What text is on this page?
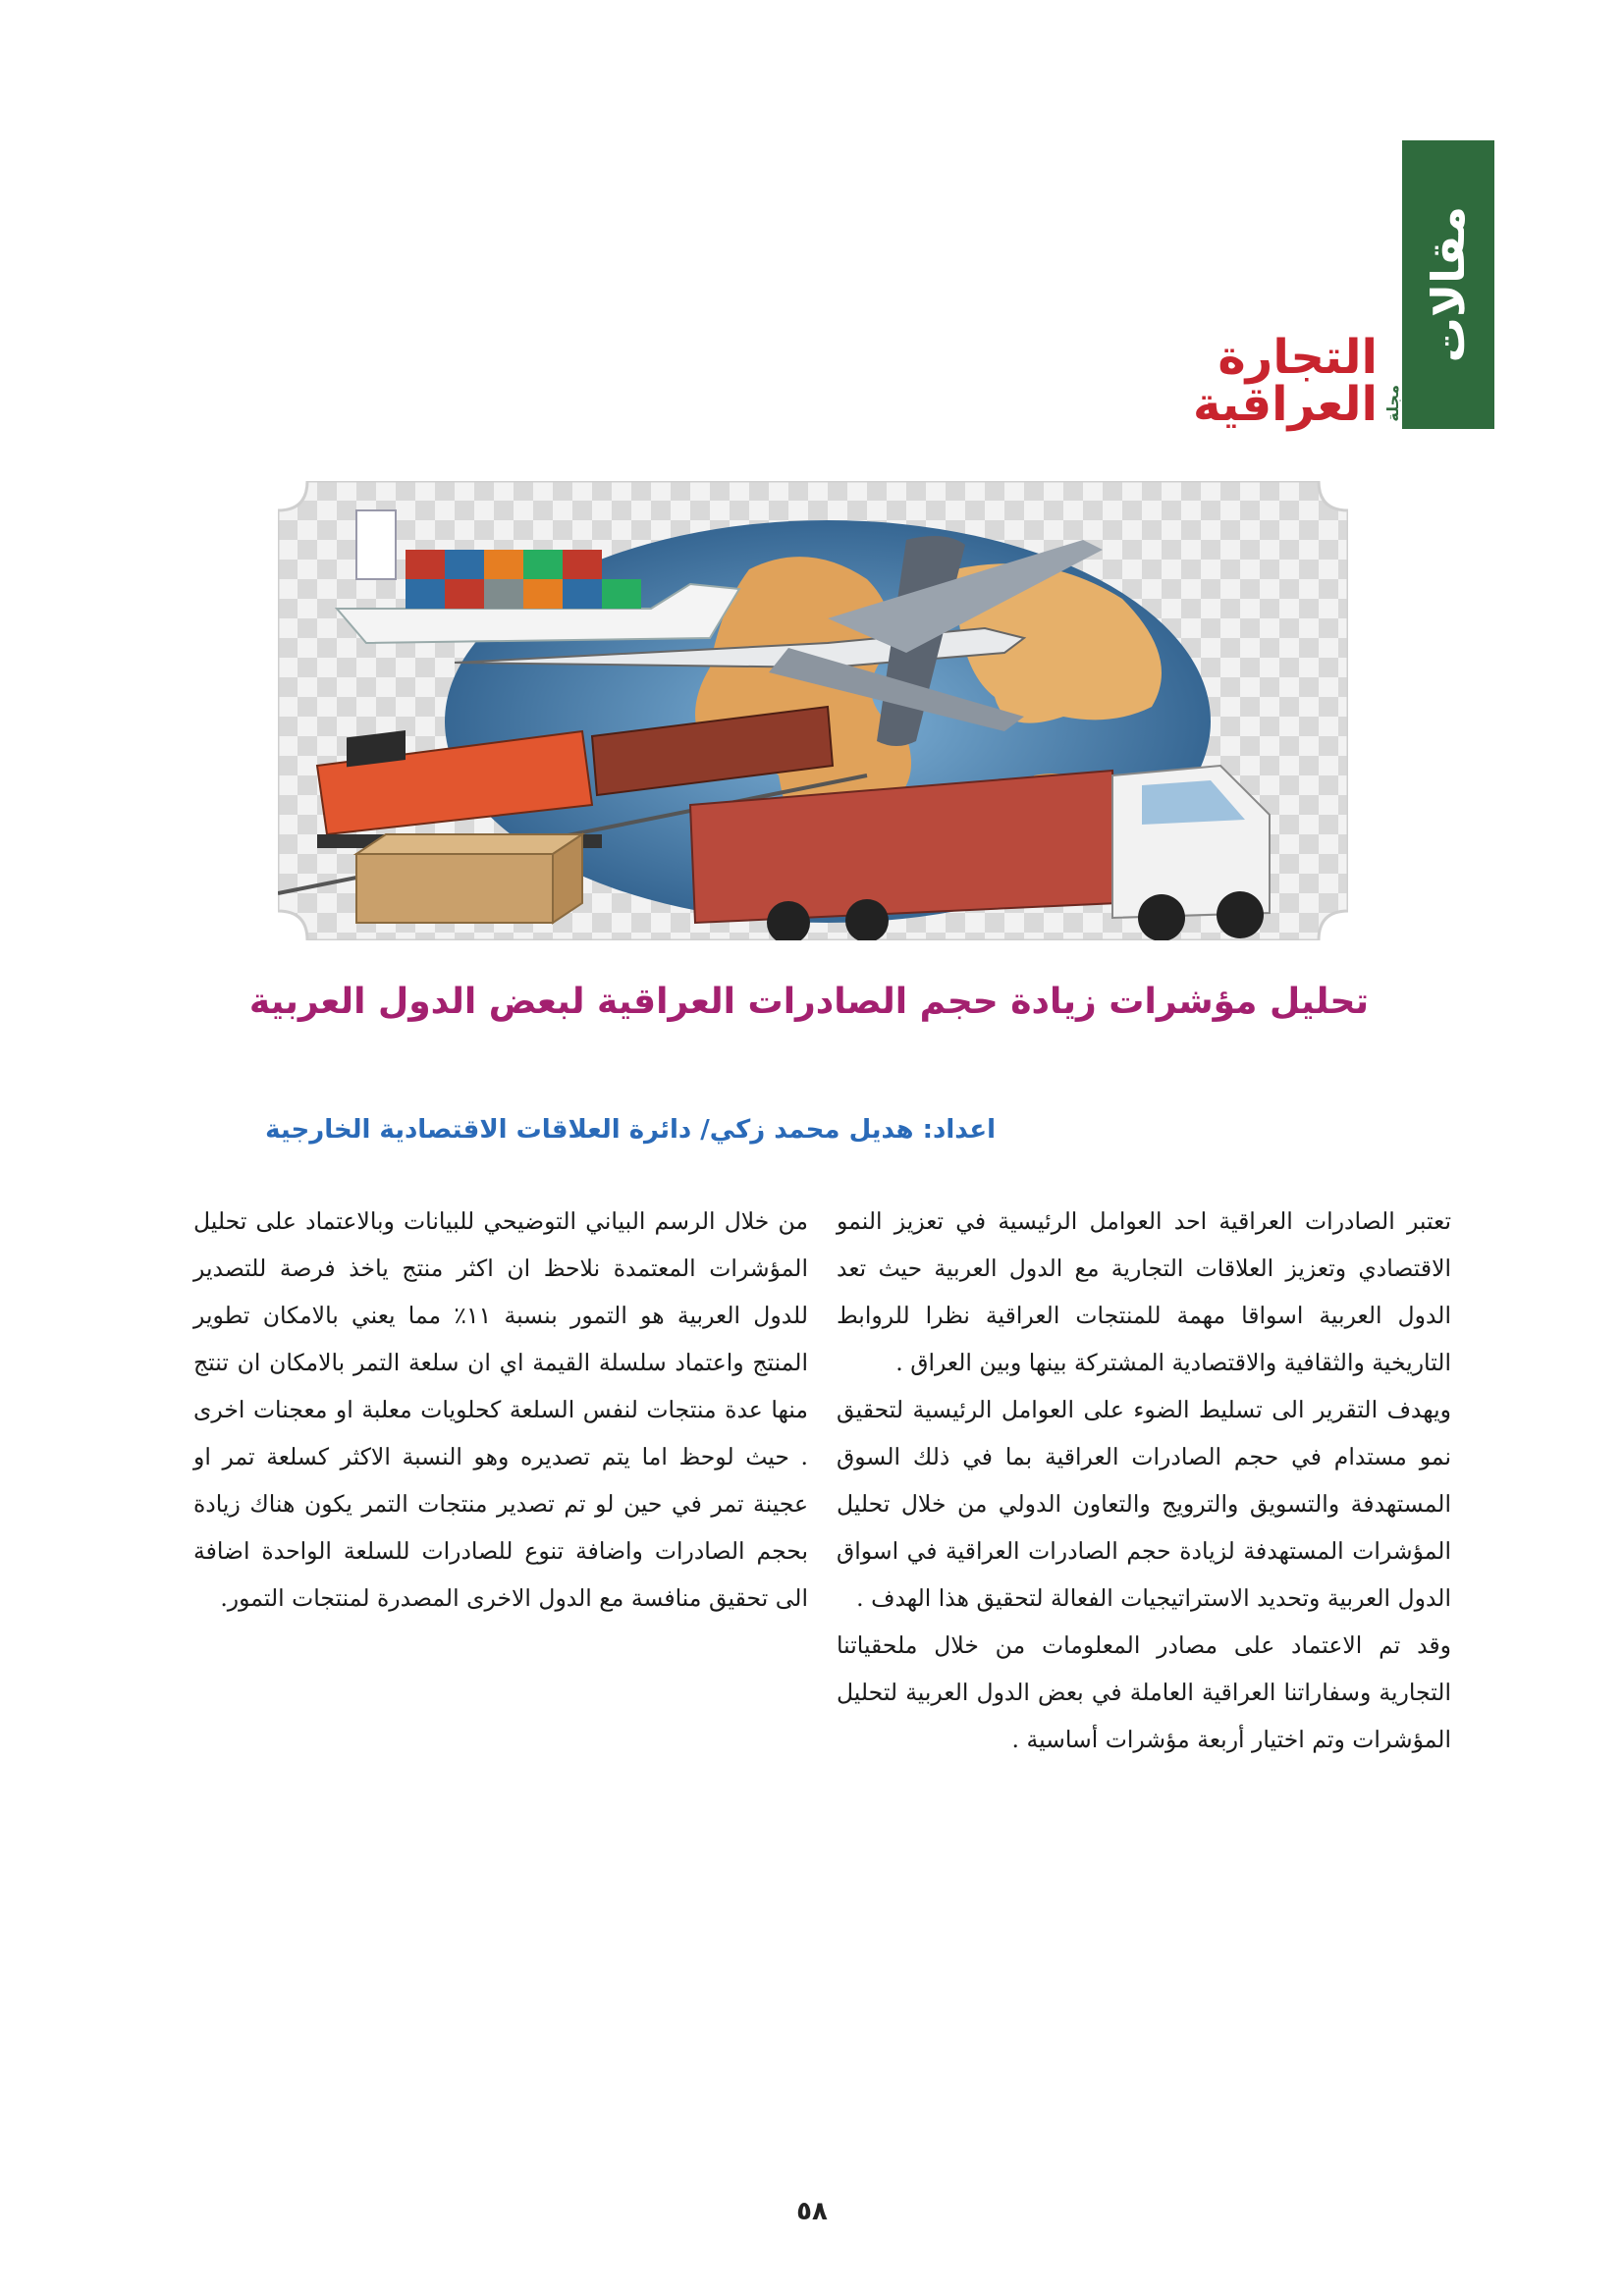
مقالات
التجارة العراقية مجلة
تحليل مؤشرات زيادة حجم الصادرات العراقية لبعض الدول العربية
اعداد: هديل محمد زكي/ دائرة العلاقات الاقتصادية الخارجية

تعتبر الصادرات العراقية احد العوامل الرئيسية في تعزيز النمو الاقتصادي وتعزيز العلاقات التجارية مع الدول العربية حيث تعد الدول العربية اسواقا مهمة للمنتجات العراقية نظرا للروابط التاريخية والثقافية والاقتصادية المشتركة بينها وبين العراق .

ويهدف التقرير الى تسليط الضوء على العوامل الرئيسية لتحقيق نمو مستدام في حجم الصادرات العراقية بما في ذلك السوق المستهدفة والتسويق والترويج والتعاون الدولي من خلال تحليل المؤشرات المستهدفة لزيادة حجم الصادرات العراقية في اسواق الدول العربية وتحديد الاستراتيجيات الفعالة لتحقيق هذا الهدف .

وقد تم الاعتماد على مصادر المعلومات من خلال ملحقياتنا التجارية وسفاراتنا العراقية العاملة في بعض الدول العربية لتحليل المؤشرات وتم اختيار أربعة مؤشرات أساسية .

من خلال الرسم البياني التوضيحي للبيانات وبالاعتماد على تحليل المؤشرات المعتمدة نلاحظ ان اكثر منتج ياخذ فرصة للتصدير للدول العربية هو التمور بنسبة ١١٪ مما يعني بالامكان تطوير المنتج واعتماد سلسلة القيمة اي ان سلعة التمر بالامكان ان تنتج منها عدة منتجات لنفس السلعة كحلويات معلبة او معجنات اخرى . حيث لوحظ اما يتم تصديره وهو النسبة الاكثر كسلعة تمر او عجينة تمر في حين لو تم تصدير منتجات التمر يكون هناك زيادة بحجم الصادرات واضافة تنوع للصادرات للسلعة الواحدة اضافة الى تحقيق منافسة مع الدول الاخرى المصدرة لمنتجات التمور.

٥٨
